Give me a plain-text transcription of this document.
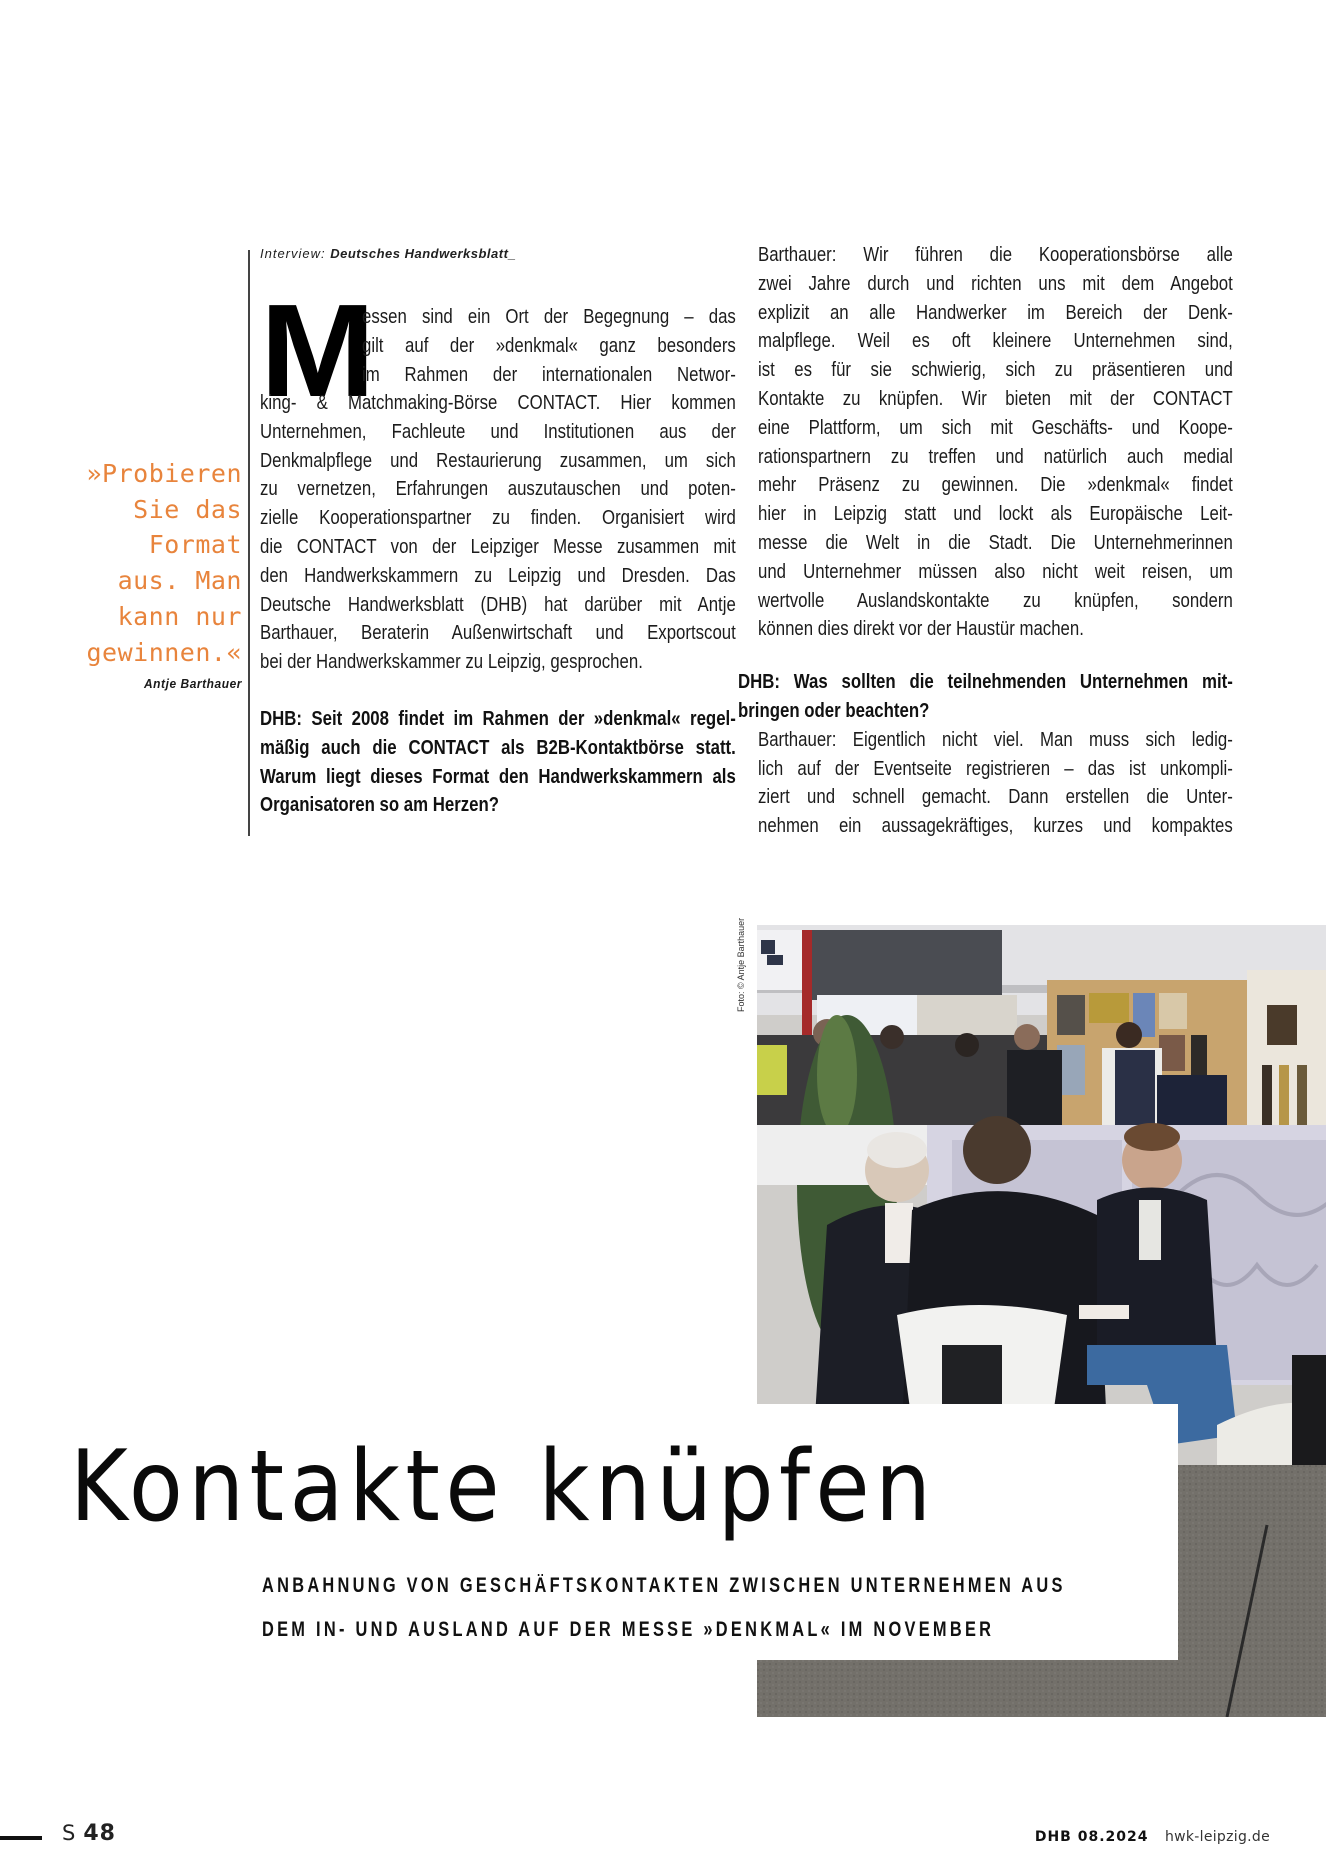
»Probieren
Sie das
Format
aus. Man
kann nur
gewinnen.«
Antje Barthauer
Interview: Deutsches Handwerksblatt_
M
essen sind ein Ort der Begegnung – das
gilt auf der »denkmal« ganz besonders
im Rahmen der internationalen Networ-
king- & Matchmaking-Börse CONTACT. Hier kommen
Unternehmen, Fachleute und Institutionen aus der
Denkmalpflege und Restaurierung zusammen, um sich
zu vernetzen, Erfahrungen auszutauschen und poten-
zielle Kooperationspartner zu finden. Organisiert wird
die CONTACT von der Leipziger Messe zusammen mit
den Handwerkskammern zu Leipzig und Dresden. Das
Deutsche Handwerksblatt (DHB) hat darüber mit Antje
Barthauer, Beraterin Außenwirtschaft und Exportscout
bei der Handwerkskammer zu Leipzig, gesprochen.
DHB: Seit 2008 findet im Rahmen der »denkmal« regel-
mäßig auch die CONTACT als B2B-Kontaktbörse statt.
Warum liegt dieses Format den Handwerkskammern als
Organisatoren so am Herzen?
Barthauer: Wir führen die Kooperationsbörse alle
zwei Jahre durch und richten uns mit dem Angebot
explizit an alle Handwerker im Bereich der Denk-
malpflege. Weil es oft kleinere Unternehmen sind,
ist es für sie schwierig, sich zu präsentieren und
Kontakte zu knüpfen. Wir bieten mit der CONTACT
eine Plattform, um sich mit Geschäfts- und Koope-
rationspartnern zu treffen und natürlich auch medial
mehr Präsenz zu gewinnen. Die »denkmal« findet
hier in Leipzig statt und lockt als Europäische Leit-
messe die Welt in die Stadt. Die Unternehmerinnen
und Unternehmer müssen also nicht weit reisen, um
wertvolle Auslandskontakte zu knüpfen, sondern
können dies direkt vor der Haustür machen.
DHB: Was sollten die teilnehmenden Unternehmen mit-
bringen oder beachten?
Barthauer: Eigentlich nicht viel. Man muss sich ledig-
lich auf der Eventseite registrieren – das ist unkompli-
ziert und schnell gemacht. Dann erstellen die Unter-
nehmen ein aussagekräftiges, kurzes und kompaktes
Foto: © Antje Barthauer
Kontakte knüpfen
ANBAHNUNG VON GESCHÄFTSKONTAKTEN ZWISCHEN UNTERNEHMEN AUS
DEM IN- UND AUSLAND AUF DER MESSE »DENKMAL« IM NOVEMBER
S 48	DHB 08.2024 hwk-leipzig.de
